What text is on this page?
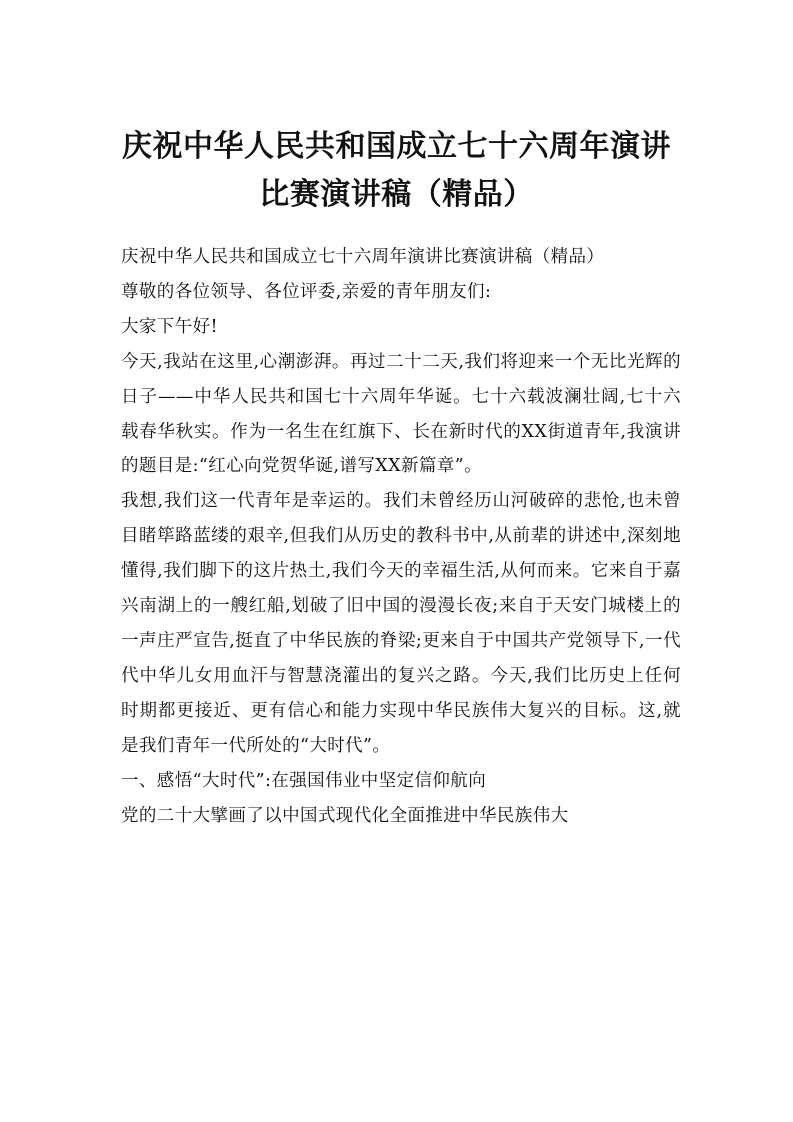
庆祝中华人民共和国成立七十六周年演讲
比赛演讲稿（精品）

庆祝中华人民共和国成立七十六周年演讲比赛演讲稿（精品）

尊敬的各位领导、各位评委,亲爱的青年朋友们:

大家下午好!

今天,我站在这里,心潮澎湃。再过二十二天,我们将迎来一个无比光辉的日子——中华人民共和国七十六周年华诞。七十六载波澜壮阔,七十六载春华秋实。作为一名生在红旗下、长在新时代的XX街道青年,我演讲的题目是:“红心向党贺华诞,谱写XX新篇章”。

我想,我们这一代青年是幸运的。我们未曾经历山河破碎的悲怆,也未曾目睹筚路蓝缕的艰辛,但我们从历史的教科书中,从前辈的讲述中,深刻地懂得,我们脚下的这片热土,我们今天的幸福生活,从何而来。它来自于嘉兴南湖上的一艘红船,划破了旧中国的漫漫长夜;来自于天安门城楼上的一声庄严宣告,挺直了中华民族的脊梁;更来自于中国共产党领导下,一代代中华儿女用血汗与智慧浇灌出的复兴之路。今天,我们比历史上任何时期都更接近、更有信心和能力实现中华民族伟大复兴的目标。这,就是我们青年一代所处的“大时代”。

一、感悟“大时代”:在强国伟业中坚定信仰航向

党的二十大擘画了以中国式现代化全面推进中华民族伟大
